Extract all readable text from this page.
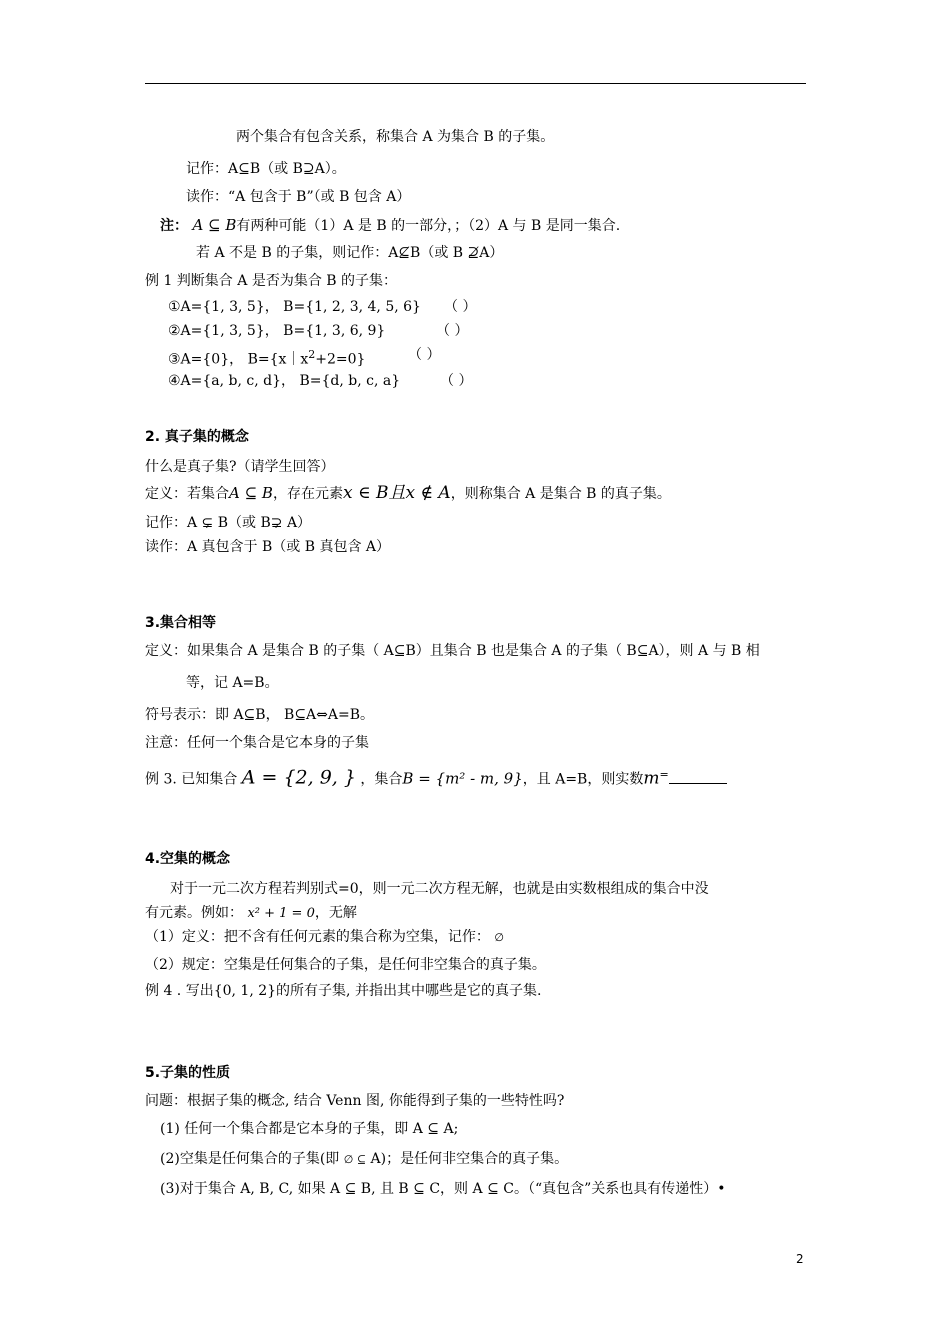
两个集合有包含关系，称集合 A 为集合 B 的子集。
记作：A⊆B（或 B⊇A）。
读作：“A 包含于 B”（或 B 包含 A）
注： A ⊆ B有两种可能（1）A 是 B 的一部分，；（2）A 与 B 是同一集合.
若 A 不是 B 的子集，则记作：A⊈B（或 B ⊉A）
例 1 判断集合 A 是否为集合 B 的子集：
①A={1, 3, 5}， B={1, 2, 3, 4, 5, 6} （ ）
②A={1, 3, 5}， B={1, 3, 6, 9}	（ ）
③A={0}， $B=\{x|x^2+2=0\}$	（ ）
④A={a, b, c, d}， B={d, b, c, a}	（ ）
2. 真子集的概念
什么是真子集?（请学生回答）
定义：若集合A ⊆ B，存在元素x ∈ B且x ∉ A，则称集合 A 是集合 B 的真子集。
记作：A ⊊ B（或 B⊋ A）
读作：A 真包含于 B（或 B 真包含 A）
3.集合相等
定义：如果集合 A 是集合 B 的子集（ A⊆B）且集合 B 也是集合 A 的子集（ B⊆A），则 A 与 B 相
等，记 A=B。
符号表示：即 A⊆B， B⊆A⇔A=B。
注意：任何一个集合是它本身的子集
例 3. 已知集合 A = {2, 9, } ，集合B = {m² - m, 9}，且 A=B，则实数m=
4.空集的概念
对于一元二次方程若判别式=0，则一元二次方程无解，也就是由实数根组成的集合中没
有元素。例如： x² + 1 = 0，无解
（1）定义：把不含有任何元素的集合称为空集，记作： ∅
（2）规定：空集是任何集合的子集，是任何非空集合的真子集。
例 4 . 写出{0, 1, 2}的所有子集, 并指出其中哪些是它的真子集.
5.子集的性质
问题：根据子集的概念, 结合 Venn 图, 你能得到子集的一些特性吗?
(1) 任何一个集合都是它本身的子集，即 A ⊆ A;
(2)空集是任何集合的子集(即 ∅ ⊆ A)；是任何非空集合的真子集。
(3)对于集合 A, B, C, 如果 A ⊆ B, 且 B ⊆ C，则 A ⊆ C。（“真包含”关系也具有传递性）•
2
